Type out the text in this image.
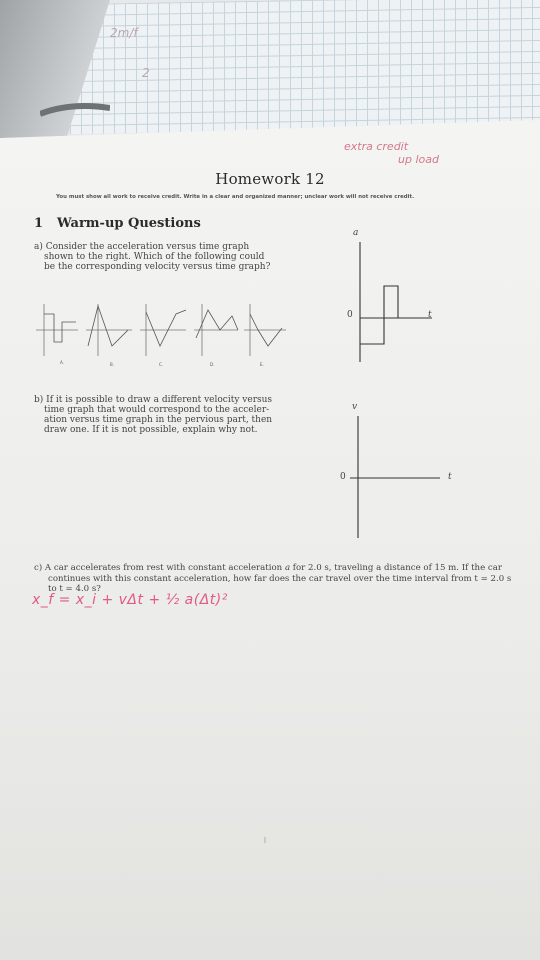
2m/f
2
extra credit
up load
Homework 12
You must show all work to receive credit. Write in a clear and organized manner; unclear work will not receive credit.
1 Warm-up Questions
a) Consider the acceleration versus time graph
shown to the right. Which of the following could
be the corresponding velocity versus time graph?
A.	B.	C.	D.	E.
a
t
0
b) If it is possible to draw a different velocity versus
time graph that would correspond to the acceler-
ation versus time graph in the pervious part, then
draw one. If it is not possible, explain why not.
v
t
0
c) A car accelerates from rest with constant acceleration a for 2.0 s, traveling a distance of 15 m. If the car
continues with this constant acceleration, how far does the car travel over the time interval from t = 2.0 s
to t = 4.0 s?
x_f = x_i + vΔt + ½ a(Δt)²
